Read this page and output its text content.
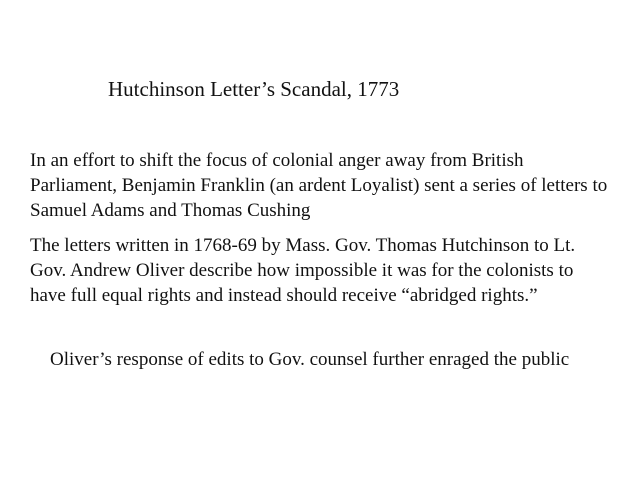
Hutchinson Letter’s Scandal, 1773
In an effort to shift the focus of colonial anger away from British Parliament, Benjamin Franklin (an ardent Loyalist) sent a series of letters to Samuel Adams and Thomas Cushing
The letters written in 1768-69 by Mass. Gov. Thomas Hutchinson to Lt. Gov. Andrew Oliver describe how impossible it was for the colonists to have full equal rights and instead should receive “abridged rights.”
Oliver’s response of edits to Gov. counsel further enraged the public
